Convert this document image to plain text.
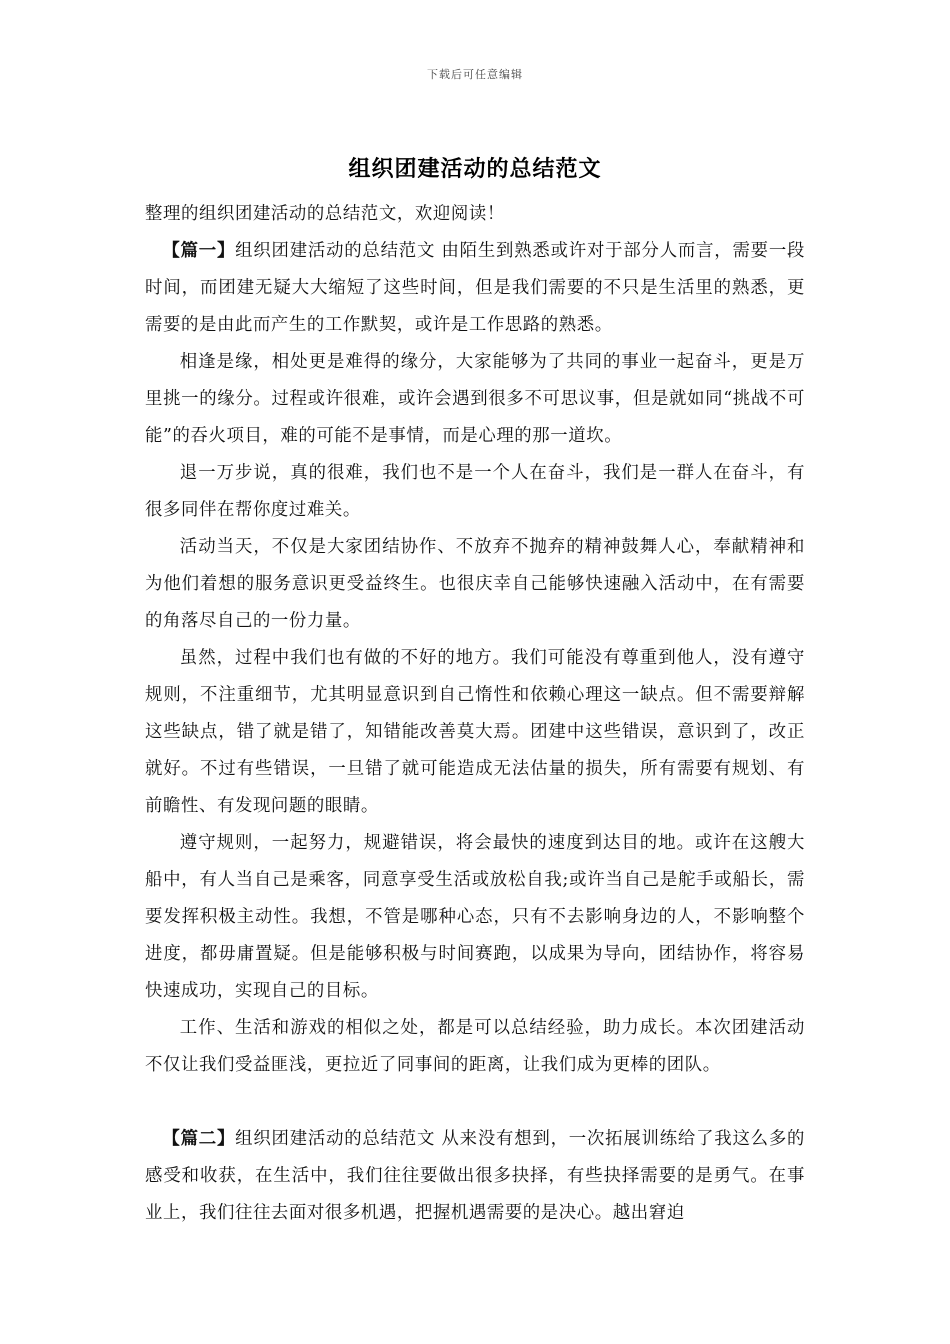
下载后可任意编辑
组织团建活动的总结范文

整理的组织团建活动的总结范文，欢迎阅读！

【篇一】组织团建活动的总结范文 由陌生到熟悉或许对于部分人而言，需要一段时间，而团建无疑大大缩短了这些时间，但是我们需要的不只是生活里的熟悉，更需要的是由此而产生的工作默契，或许是工作思路的熟悉。

相逢是缘，相处更是难得的缘分，大家能够为了共同的事业一起奋斗，更是万里挑一的缘分。过程或许很难，或许会遇到很多不可思议事，但是就如同“挑战不可能”的吞火项目，难的可能不是事情，而是心理的那一道坎。

退一万步说，真的很难，我们也不是一个人在奋斗，我们是一群人在奋斗，有很多同伴在帮你度过难关。

活动当天，不仅是大家团结协作、不放弃不抛弃的精神鼓舞人心，奉献精神和为他们着想的服务意识更受益终生。也很庆幸自己能够快速融入活动中，在有需要的角落尽自己的一份力量。

虽然，过程中我们也有做的不好的地方。我们可能没有尊重到他人，没有遵守规则，不注重细节，尤其明显意识到自己惰性和依赖心理这一缺点。但不需要辩解这些缺点，错了就是错了，知错能改善莫大焉。团建中这些错误，意识到了，改正就好。不过有些错误，一旦错了就可能造成无法估量的损失，所有需要有规划、有前瞻性、有发现问题的眼睛。

遵守规则，一起努力，规避错误，将会最快的速度到达目的地。或许在这艘大船中，有人当自己是乘客，同意享受生活或放松自我;或许当自己是舵手或船长，需要发挥积极主动性。我想，不管是哪种心态，只有不去影响身边的人，不影响整个进度，都毋庸置疑。但是能够积极与时间赛跑，以成果为导向，团结协作，将容易快速成功，实现自己的目标。

工作、生活和游戏的相似之处，都是可以总结经验，助力成长。本次团建活动不仅让我们受益匪浅，更拉近了同事间的距离，让我们成为更棒的团队。

【篇二】组织团建活动的总结范文 从来没有想到，一次拓展训练给了我这么多的感受和收获，在生活中，我们往往要做出很多抉择，有些抉择需要的是勇气。在事业上，我们往往去面对很多机遇，把握机遇需要的是决心。越出窘迫
